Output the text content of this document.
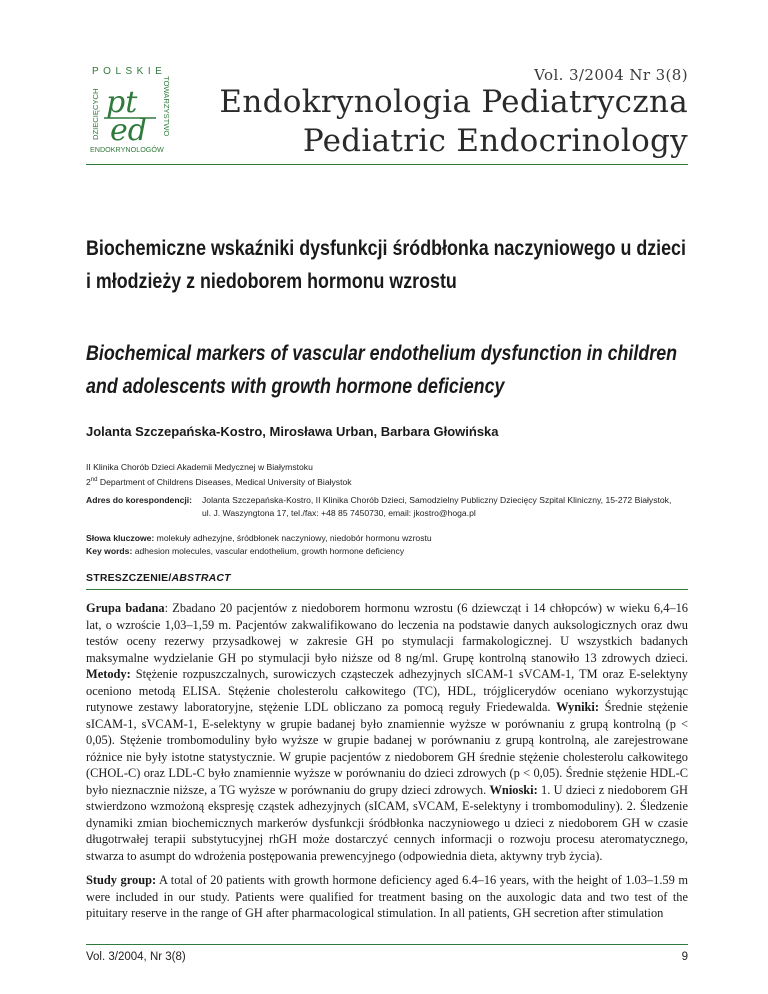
POLSKIE
TOWARZYSTWO
DZIECIĘCYCH
ENDOKRYNOLOGÓW
pt
ed
Vol. 3/2004 Nr 3(8)
Endokrynologia Pediatryczna
Pediatric Endocrinology
Biochemiczne wskaźniki dysfunkcji śródbłonka naczyniowego u dzieci
i młodzieży z niedoborem hormonu wzrostu
Biochemical markers of vascular endothelium dysfunction in children
and adolescents with growth hormone deficiency
Jolanta Szczepańska-Kostro, Mirosława Urban, Barbara Głowińska
II Klinika Chorób Dzieci Akademii Medycznej w Białymstoku
2nd Department of Childrens Diseases, Medical University of Białystok
Adres do korespondencji: Jolanta Szczepańska-Kostro, II Klinika Chorób Dzieci, Samodzielny Publiczny Dziecięcy Szpital Kliniczny, 15-272 Białystok,
ul. J. Waszyngtona 17, tel./fax: +48 85 7450730, email: jkostro@hoga.pl
Słowa kluczowe: molekuły adhezyjne, śródbłonek naczyniowy, niedobór hormonu wzrostu
Key words: adhesion molecules, vascular endothelium, growth hormone deficiency
STRESZCZENIE/ABSTRACT
Grupa badana: Zbadano 20 pacjentów z niedoborem hormonu wzrostu (6 dziewcząt i 14 chłopców) w wieku 6,4–16 lat, o wzroście 1,03–1,59 m. Pacjentów zakwalifikowano do leczenia na podstawie danych auksologicznych oraz dwu testów oceny rezerwy przysadkowej w zakresie GH po stymulacji farmakologicznej. U wszystkich badanych maksymalne wydzielanie GH po stymulacji było niższe od 8 ng/ml. Grupę kontrolną stanowiło 13 zdrowych dzieci. Metody: Stężenie rozpuszczalnych, surowiczych cząsteczek adhezyjnych sICAM-1 sVCAM-1, TM oraz E-selektyny oceniono metodą ELISA. Stężenie cholesterolu całkowitego (TC), HDL, trójglicerydów oceniano wykorzystując rutynowe zestawy laboratoryjne, stężenie LDL obliczano za pomocą reguły Friedewalda. Wyniki: Średnie stężenie sICAM-1, sVCAM-1, E-selektyny w grupie badanej było znamiennie wyższe w porównaniu z grupą kontrolną (p < 0,05). Stężenie trombomoduliny było wyższe w grupie badanej w porównaniu z grupą kontrolną, ale zarejestrowane różnice nie były istotne statystycznie. W grupie pacjentów z niedoborem GH średnie stężenie cholesterolu całkowitego (CHOL-C) oraz LDL-C było znamiennie wyższe w porównaniu do dzieci zdrowych (p < 0,05). Średnie stężenie HDL-C było nieznacznie niższe, a TG wyższe w porównaniu do grupy dzieci zdrowych. Wnioski: 1. U dzieci z niedoborem GH stwierdzono wzmożoną ekspresję cząstek adhezyjnych (sICAM, sVCAM, E-selektyny i trombomoduliny). 2. Śledzenie dynamiki zmian biochemicznych markerów dysfunkcji śródbłonka naczyniowego u dzieci z niedoborem GH w czasie długotrwałej terapii substytucyjnej rhGH może dostarczyć cennych informacji o rozwoju procesu ateromatycznego, stwarza to asumpt do wdrożenia postępowania prewencyjnego (odpowiednia dieta, aktywny tryb życia).
Study group: A total of 20 patients with growth hormone deficiency aged 6.4–16 years, with the height of 1.03–1.59 m were included in our study. Patients were qualified for treatment basing on the auxologic data and two test of the pituitary reserve in the range of GH after pharmacological stimulation. In all patients, GH secretion after stimulation
Vol. 3/2004, Nr 3(8)	9
